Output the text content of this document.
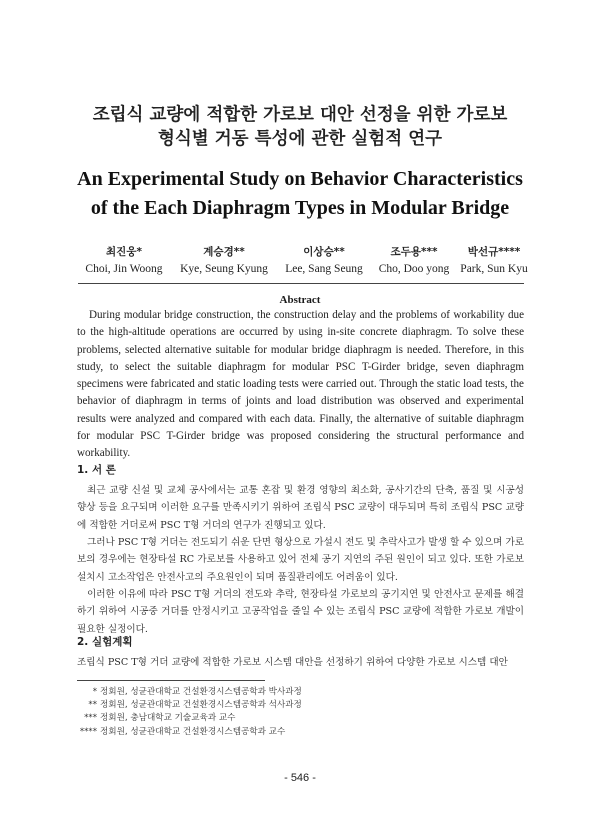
조립식 교량에 적합한 가로보 대안 선정을 위한 가로보
형식별 거동 특성에 관한 실험적 연구
An Experimental Study on Behavior Characteristics
of the Each Diaphragm Types in Modular Bridge
최진웅*
Choi, Jin Woong
계승경**
Kye, Seung Kyung
이상승**
Lee, Sang Seung
조두용***
Cho, Doo yong
박선규****
Park, Sun Kyu
Abstract
During modular bridge construction, the construction delay and the problems of workability due to the high-altitude operations are occurred by using in-site concrete diaphragm. To solve these problems, selected alternative suitable for modular bridge diaphragm is needed. Therefore, in this study, to select the suitable diaphragm for modular PSC T-Girder bridge, seven diaphragm specimens were fabricated and static loading tests were carried out. Through the static load tests, the behavior of diaphragm in terms of joints and load distribution was observed and experimental results were analyzed and compared with each data. Finally, the alternative of suitable diaphragm for modular PSC T-Girder bridge was proposed considering the structural performance and workability.
1. 서 론
최근 교량 신설 및 교체 공사에서는 교통 혼잡 및 환경 영향의 최소화, 공사기간의 단축, 품질 및 시공성 향상 등을 요구되며 이러한 요구를 만족시키기 위하여 조립식 PSC 교량이 대두되며 특히 조립식 PSC 교량에 적합한 거더로써 PSC T형 거더의 연구가 진행되고 있다.
그러나 PSC T형 거더는 전도되기 쉬운 단면 형상으로 가설시 전도 및 추락사고가 발생 할 수 있으며 가로보의 경우에는 현장타설 RC 가로보를 사용하고 있어 전체 공기 지연의 주된 원인이 되고 있다. 또한 가로보 설치시 고소작업은 안전사고의 주요원인이 되며 품질관리에도 어려움이 있다.
이러한 이유에 따라 PSC T형 거더의 전도와 추락, 현장타설 가로보의 공기지연 및 안전사고 문제를 해결하기 위하여 시공중 거더를 안정시키고 고공작업을 줄일 수 있는 조립식 PSC 교량에 적합한 가로보 개발이 필요한 실정이다.
2. 실험계획
조립식 PSC T형 거더 교량에 적합한 가로보 시스템 대안을 선정하기 위하여 다양한 가로보 시스템 대안
* 정회원, 성균관대학교 건설환경시스템공학과 박사과정
** 정회원, 성균관대학교 건설환경시스템공학과 석사과정
*** 정회원, 충남대학교 기술교육과 교수
**** 정회원, 성균관대학교 건설환경시스템공학과 교수
- 546 -
